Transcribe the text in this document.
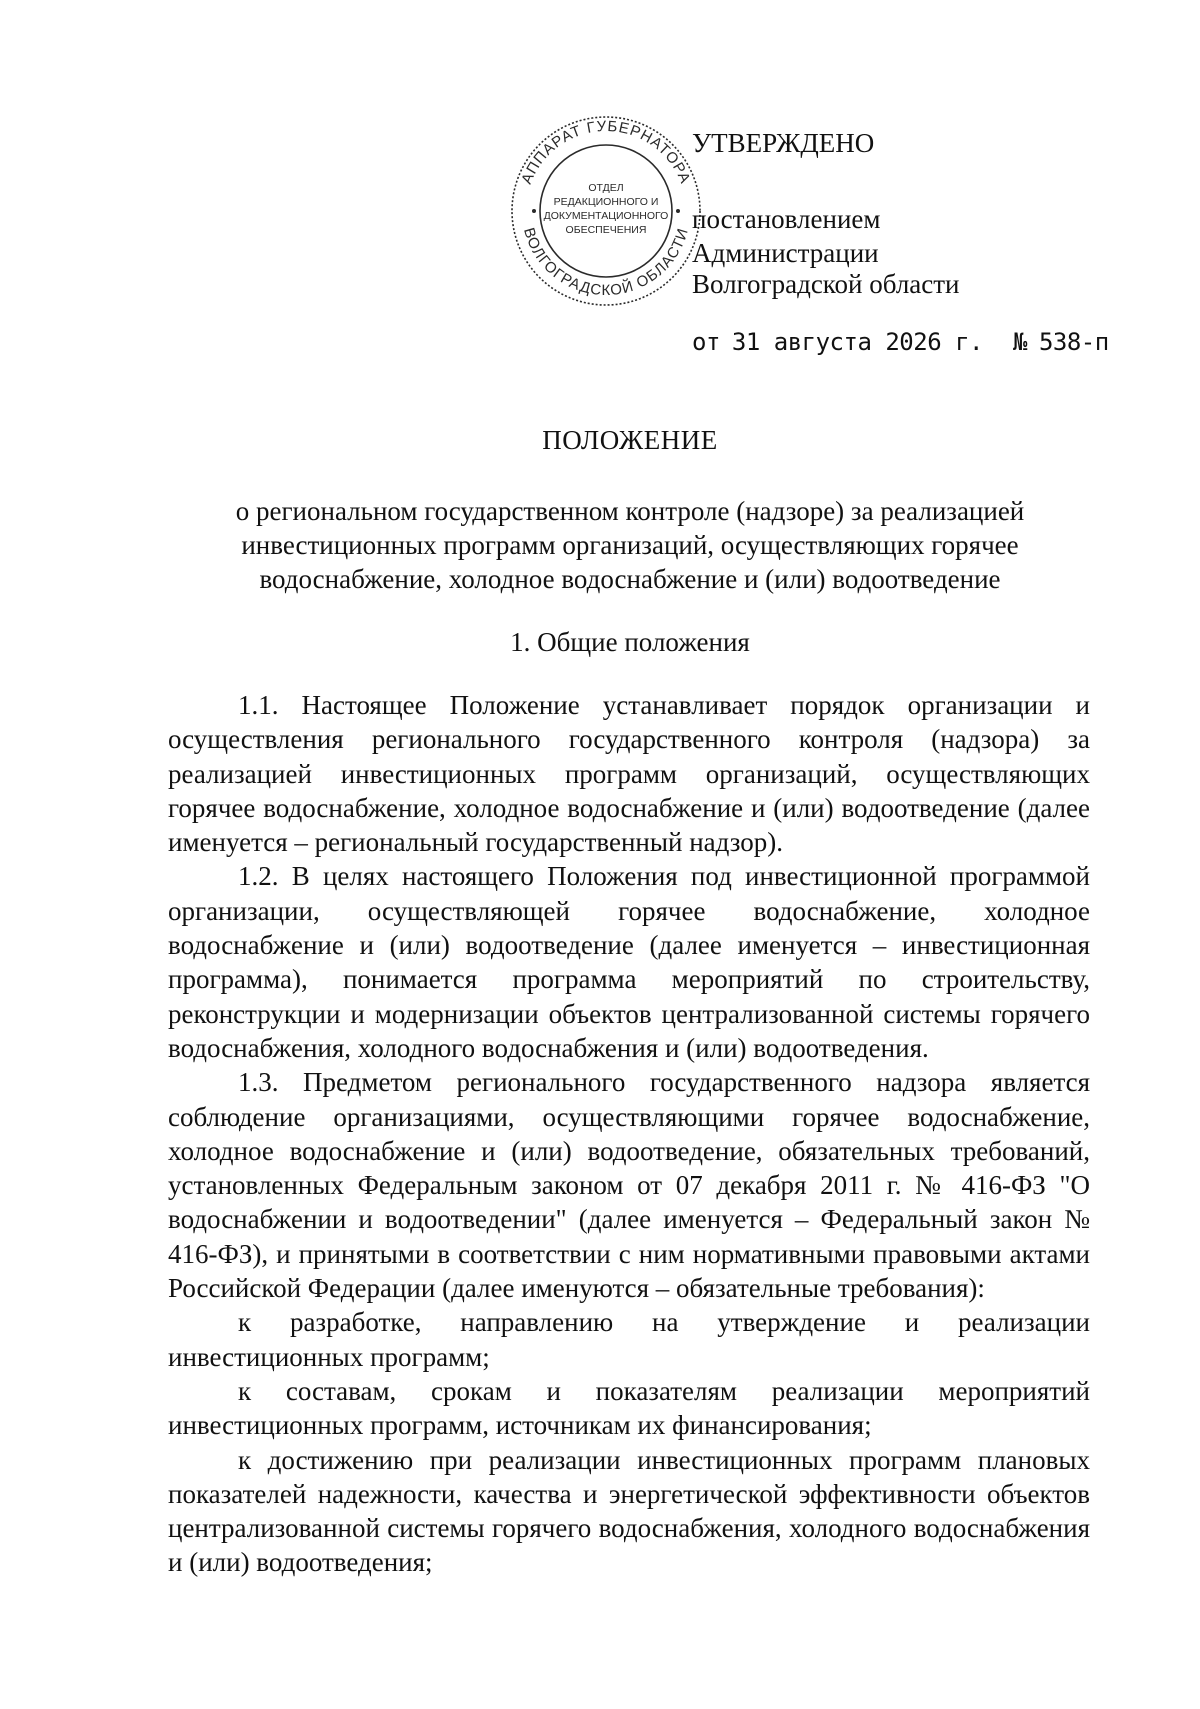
АППАРАТ ГУБЕРНАТОРА
ВОЛГОГРАДСКОЙ ОБЛАСТИ
ОТДЕЛ
РЕДАКЦИОННОГО И
ДОКУМЕНТАЦИОННОГО
ОБЕСПЕЧЕНИЯ
УТВЕРЖДЕНО
постановлением
Администрации
Волгоградской области
от 31 августа 2026 г. № 538-п
ПОЛОЖЕНИЕ
о региональном государственном контроле (надзоре) за реализацией инвестиционных программ организаций, осуществляющих горячее водоснабжение, холодное водоснабжение и (или) водоотведение
1. Общие положения

1.1. Настоящее Положение устанавливает порядок организации и осуществления регионального государственного контроля (надзора) за реализацией инвестиционных программ организаций, осуществляющих горячее водоснабжение, холодное водоснабжение и (или) водоотведение (далее именуется – региональный государственный надзор).

1.2. В целях настоящего Положения под инвестиционной программой организации, осуществляющей горячее водоснабжение, холодное водоснабжение и (или) водоотведение (далее именуется – инвестиционная программа), понимается программа мероприятий по строительству, реконструкции и модернизации объектов централизованной системы горячего водоснабжения, холодного водоснабжения и (или) водоотведения.

1.3. Предметом регионального государственного надзора является соблюдение организациями, осуществляющими горячее водоснабжение, холодное водоснабжение и (или) водоотведение, обязательных требований, установленных Федеральным законом от 07 декабря 2011 г. № 416-ФЗ "О водоснабжении и водоотведении" (далее именуется – Федеральный закон № 416-ФЗ), и принятыми в соответствии с ним нормативными правовыми актами Российской Федерации (далее именуются – обязательные требования):

к разработке, направлению на утверждение и реализации инвестиционных программ;

к составам, срокам и показателям реализации мероприятий инвестиционных программ, источникам их финансирования;

к достижению при реализации инвестиционных программ плановых показателей надежности, качества и энергетической эффективности объектов централизованной системы горячего водоснабжения, холодного водоснабжения и (или) водоотведения;
